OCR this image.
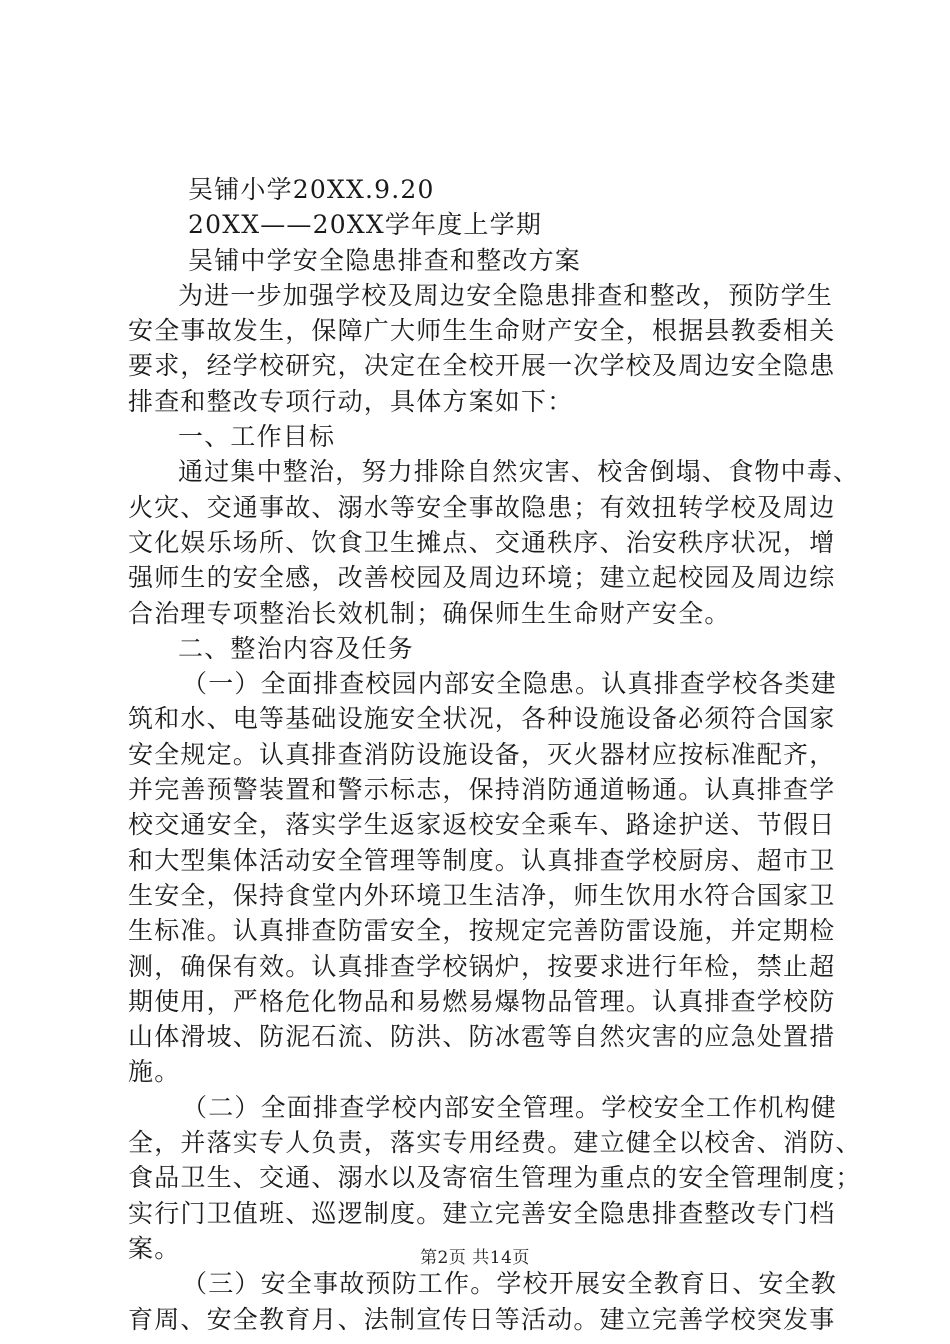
吴铺小学20XX.9.20
20XX——20XX学年度上学期
吴铺中学安全隐患排查和整改方案
为进一步加强学校及周边安全隐患排查和整改，预防学生
安全事故发生，保障广大师生生命财产安全，根据县教委相关
要求，经学校研究，决定在全校开展一次学校及周边安全隐患
排查和整改专项行动，具体方案如下：
一、工作目标
通过集中整治，努力排除自然灾害、校舍倒塌、食物中毒、
火灾、交通事故、溺水等安全事故隐患；有效扭转学校及周边
文化娱乐场所、饮食卫生摊点、交通秩序、治安秩序状况，增
强师生的安全感，改善校园及周边环境；建立起校园及周边综
合治理专项整治长效机制；确保师生生命财产安全。
二、整治内容及任务
（一）全面排查校园内部安全隐患。认真排查学校各类建
筑和水、电等基础设施安全状况，各种设施设备必须符合国家
安全规定。认真排查消防设施设备，灭火器材应按标准配齐，
并完善预警装置和警示标志，保持消防通道畅通。认真排查学
校交通安全，落实学生返家返校安全乘车、路途护送、节假日
和大型集体活动安全管理等制度。认真排查学校厨房、超市卫
生安全，保持食堂内外环境卫生洁净，师生饮用水符合国家卫
生标准。认真排查防雷安全，按规定完善防雷设施，并定期检
测，确保有效。认真排查学校锅炉，按要求进行年检，禁止超
期使用，严格危化物品和易燃易爆物品管理。认真排查学校防
山体滑坡、防泥石流、防洪、防冰雹等自然灾害的应急处置措
施。
（二）全面排查学校内部安全管理。学校安全工作机构健
全，并落实专人负责，落实专用经费。建立健全以校舍、消防、
食品卫生、交通、溺水以及寄宿生管理为重点的安全管理制度；
实行门卫值班、巡逻制度。建立完善安全隐患排查整改专门档
案。
（三）安全事故预防工作。学校开展安全教育日、安全教
育周、安全教育月、法制宣传日等活动。建立完善学校突发事
第2页 共14页
